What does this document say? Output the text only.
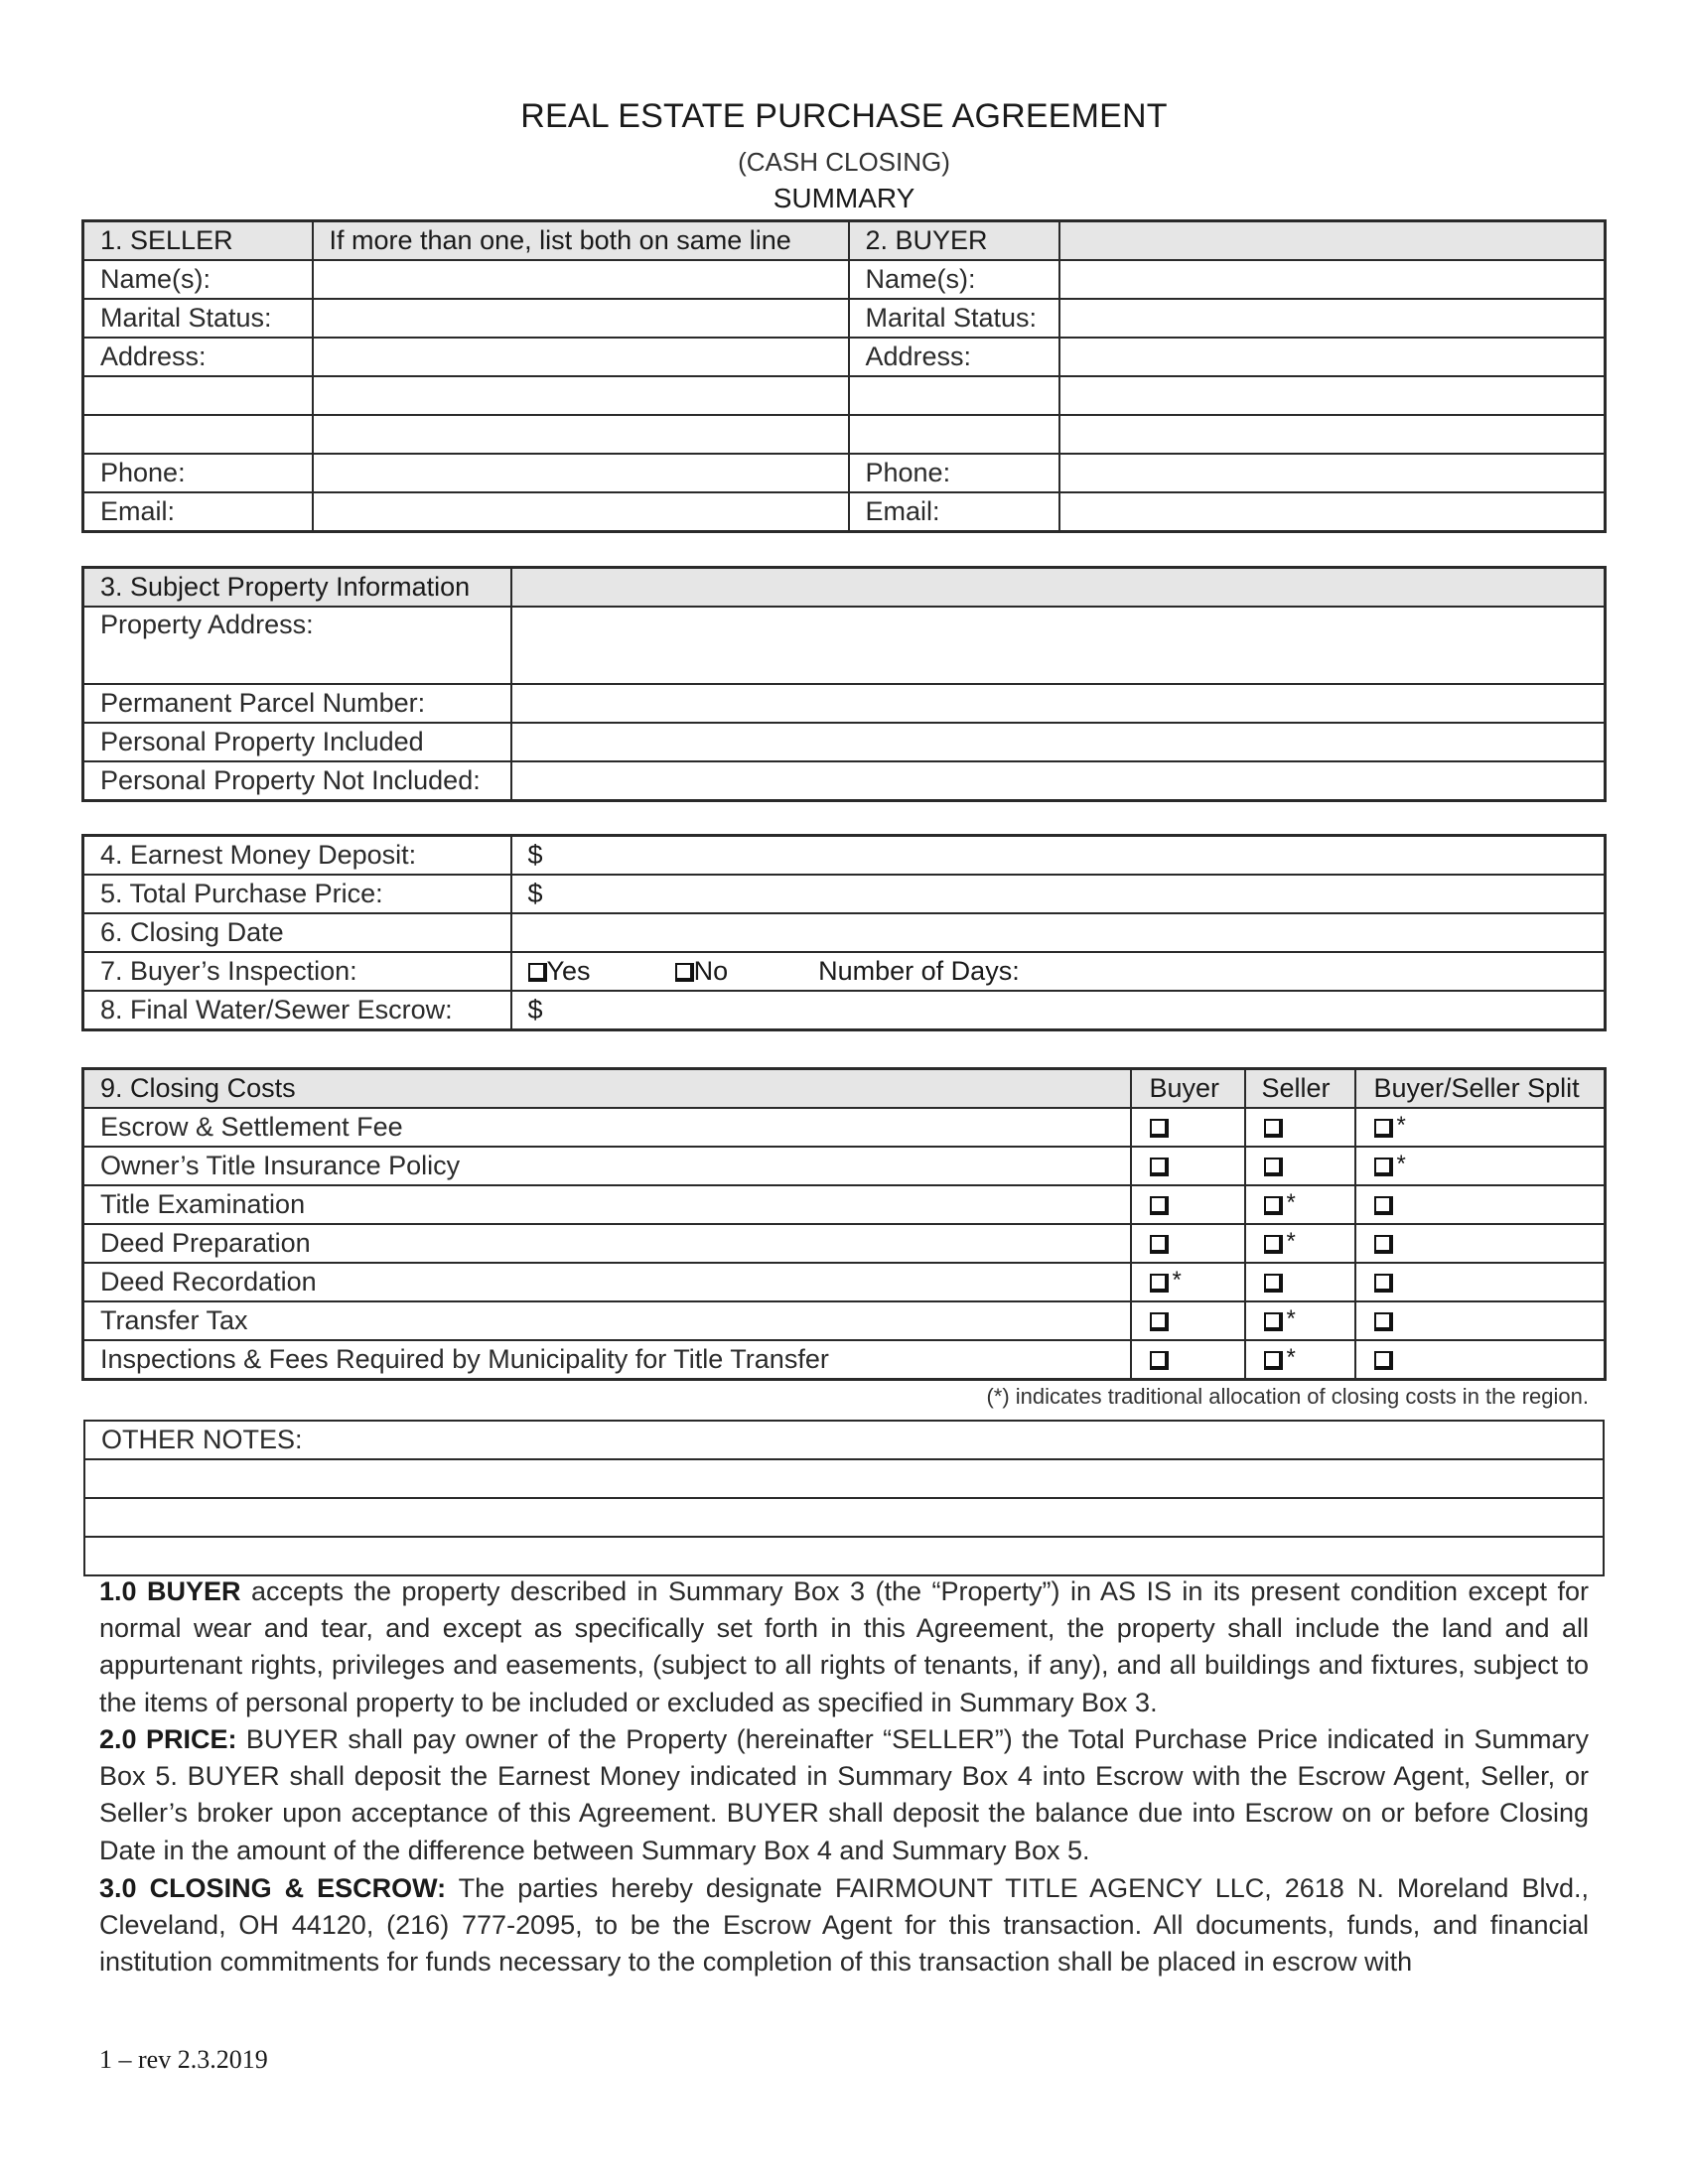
REAL ESTATE PURCHASE AGREEMENT
(CASH CLOSING)
SUMMARY
1. SELLER	If more than one, list both on same line	2. BUYER	
Name(s):		Name(s):	
Marital Status:		Marital Status:	
Address:		Address:	

Phone:		Phone:	
Email:		Email:	
3. Subject Property Information	
Property Address:	
Permanent Parcel Number:	
Personal Property Included	
Personal Property Not Included:	
4. Earnest Money Deposit:	$
5. Total Purchase Price:	$
6. Closing Date	
7. Buyer’s Inspection:	Yes No Number of Days:
8. Final Water/Sewer Escrow:	$
9. Closing Costs	Buyer	Seller	Buyer/Seller Split
Escrow & Settlement Fee			*
Owner’s Title Insurance Policy			*
Title Examination		*	
Deed Preparation		*	
Deed Recordation	*		
Transfer Tax		*	
Inspections & Fees Required by Municipality for Title Transfer		*	
(*) indicates traditional allocation of closing costs in the region.
OTHER NOTES:

1.0 BUYER accepts the property described in Summary Box 3 (the “Property”) in AS IS in its present condition except for normal wear and tear, and except as specifically set forth in this Agreement, the property shall include the land and all appurtenant rights, privileges and easements, (subject to all rights of tenants, if any), and all buildings and fixtures, subject to the items of personal property to be included or excluded as specified in Summary Box 3.
2.0 PRICE: BUYER shall pay owner of the Property (hereinafter “SELLER”) the Total Purchase Price indicated in Summary Box 5. BUYER shall deposit the Earnest Money indicated in Summary Box 4 into Escrow with the Escrow Agent, Seller, or Seller’s broker upon acceptance of this Agreement. BUYER shall deposit the balance due into Escrow on or before Closing Date in the amount of the difference between Summary Box 4 and Summary Box 5.
3.0 CLOSING & ESCROW: The parties hereby designate FAIRMOUNT TITLE AGENCY LLC, 2618 N. Moreland Blvd., Cleveland, OH 44120, (216) 777-2095, to be the Escrow Agent for this transaction. All documents, funds, and financial institution commitments for funds necessary to the completion of this transaction shall be placed in escrow with
1 – rev 2.3.2019
